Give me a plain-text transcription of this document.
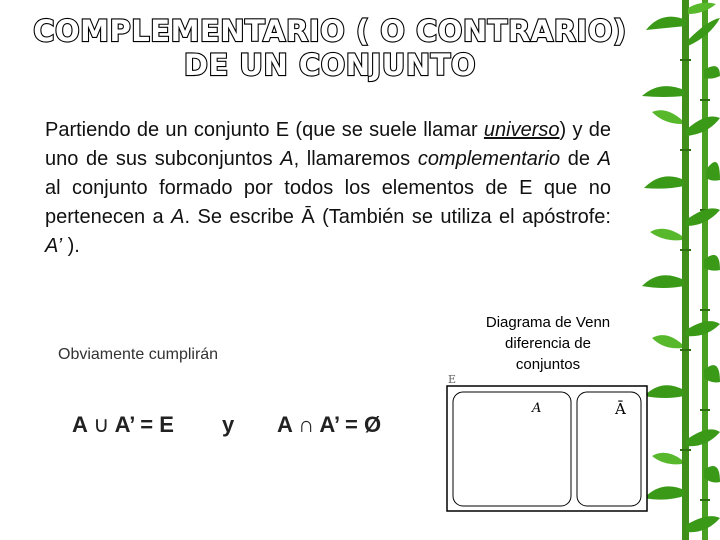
COMPLEMENTARIO ( O CONTRARIO)
DE UN CONJUNTO
Partiendo de un conjunto E (que se suele llamar universo) y de uno de sus subconjuntos A, llamaremos complementario de A al conjunto formado por todos los elementos de E que no pertenecen a A. Se escribe Ā (También se utiliza el apóstrofe: A’ ).
Obviamente cumplirán
A ∪ A’ = E y A ∩ A’ = Ø
Diagrama de Venn
diferencia de
conjuntos
E
A	Ā
